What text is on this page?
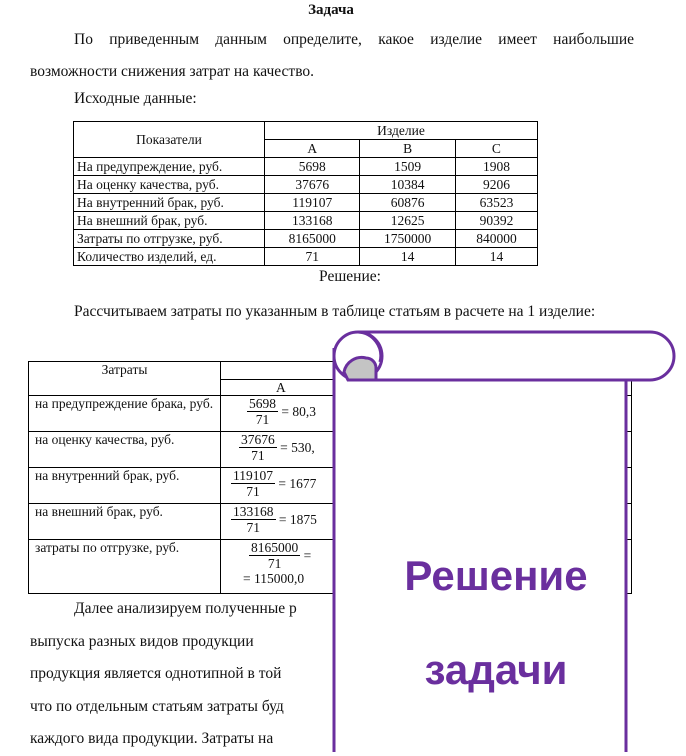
Задача
По приведенным данным определите, какое изделие имеет наибольшие возможности снижения затрат на качество.
Исходные данные:
Показатели	Изделие		
	A	B	C
На предупреждение, руб.	5698	1509	1908
На оценку качества, руб.	37676	10384	9206
На внутренний брак, руб.	119107	60876	63523
На внешний брак, руб.	133168	12625	90392
Затраты по отгрузке, руб.	8165000	1750000	840000
Количество изделий, ед.	71	14	14
Решение:
Рассчитываем затраты по указанным в таблице статьям в расчете на 1 изделие:
Затраты	
	A
на предупреждение брака, руб.	$\frac{5698}{71} = 80,3$
на оценку качества, руб.	$\frac{37676}{71} = 530$,
на внутренний брак, руб.	$\frac{119107}{71} = 1677$
на внешний брак, руб.	$\frac{133168}{71} = 1875$
затраты по отгрузке, руб.	$\frac{8165000}{71}$ =
= 115000,0
Далее анализируем полученные р
выпуска разных видов продукции
продукция является однотипной в той
что по отдельным статьям затраты буд
каждого вида продукции. Затраты на
Решение
задачи
